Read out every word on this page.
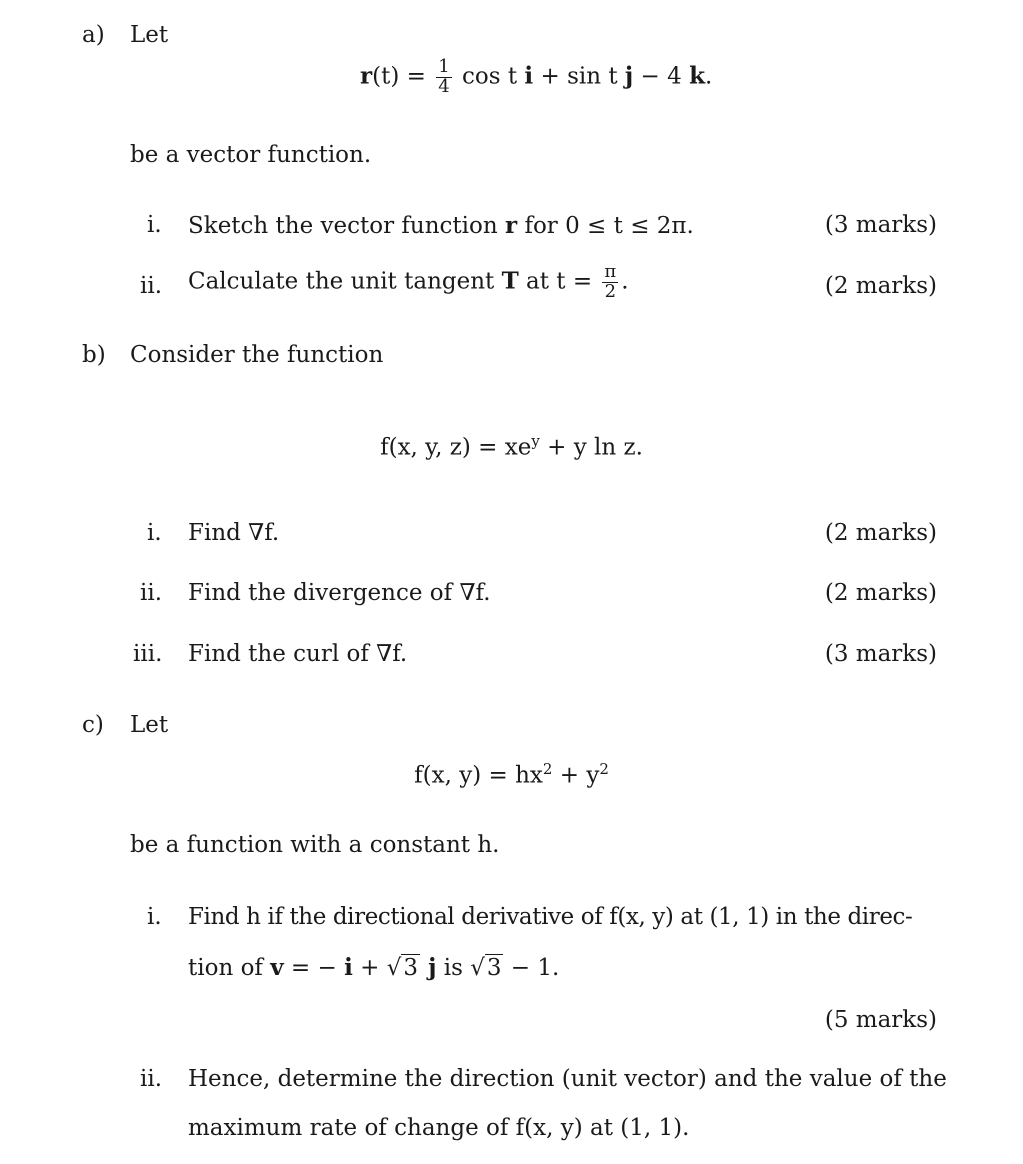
a) Let
$r(t) = \frac{1}{4}$ cos t i + sin t j − 4 k.
be a vector function.
i. Sketch the vector function r for 0 ≤ t ≤ 2π.	(3 marks)
ii. Calculate the unit tangent T at $t = \frac{\pi}{2}$ .	(2 marks)
b) Consider the function
f(x, y, $z) = xe^y + y$ ln z.
i. Find ∇f.	(2 marks)
ii. Find the divergence of ∇f.	(2 marks)
iii. Find the curl of ∇f.	(3 marks)
c) Let
f(x, $y) = hx^2 + y^2$
be a function with a constant h.
i. Find h if the directional derivative of f(x, y) at (1, 1) in the direc-
tion of v = − i + √3 j is √3 − 1.
(5 marks)
ii. Hence, determine the direction (unit vector) and the value of the
maximum rate of change of f(x, y) at (1, 1).
